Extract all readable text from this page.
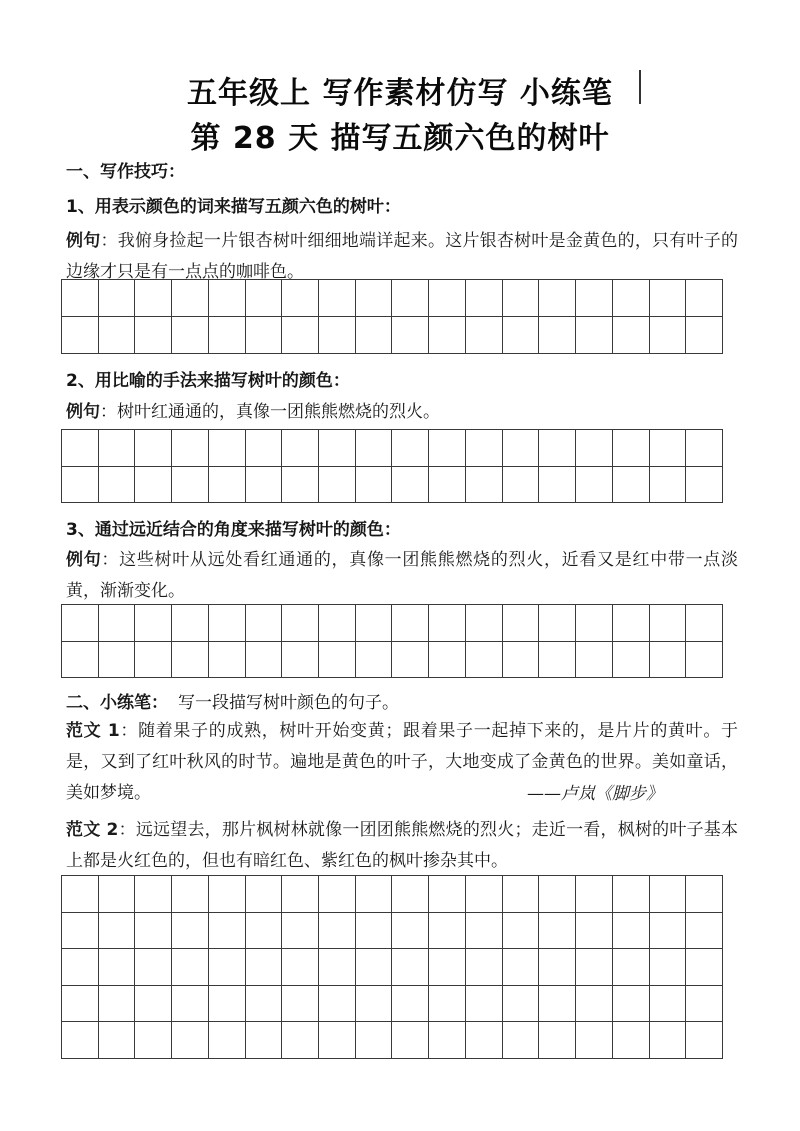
五年级上 写作素材仿写 小练笔
第 28 天 描写五颜六色的树叶
一、写作技巧：
1、用表示颜色的词来描写五颜六色的树叶：
例句：我俯身捡起一片银杏树叶细细地端详起来。这片银杏树叶是金黄色的，只有叶子的边缘才只是有一点点的咖啡色。
2、用比喻的手法来描写树叶的颜色：
例句：树叶红通通的，真像一团熊熊燃烧的烈火。
3、通过远近结合的角度来描写树叶的颜色：
例句：这些树叶从远处看红通通的，真像一团熊熊燃烧的烈火，近看又是红中带一点淡黄，渐渐变化。
二、小练笔： 写一段描写树叶颜色的句子。
范文 1：随着果子的成熟，树叶开始变黄；跟着果子一起掉下来的，是片片的黄叶。于是，又到了红叶秋风的时节。遍地是黄色的叶子，大地变成了金黄色的世界。美如童话，美如梦境。	——卢岚《脚步》
范文 2：远远望去，那片枫树林就像一团团熊熊燃烧的烈火；走近一看，枫树的叶子基本上都是火红色的，但也有暗红色、紫红色的枫叶掺杂其中。
